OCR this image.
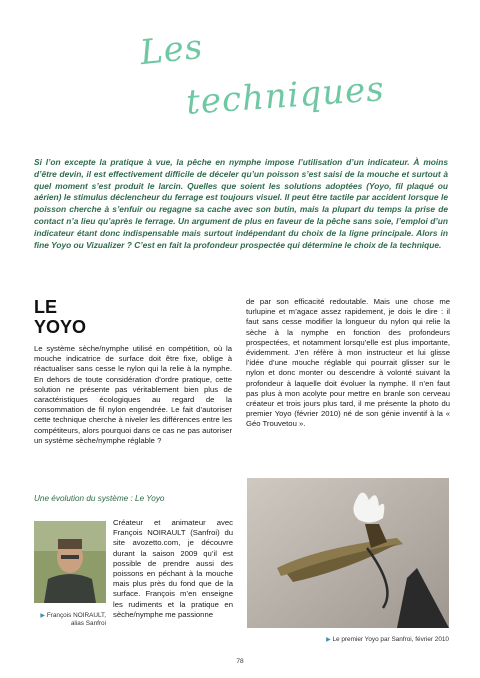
Les
techniques

Si l’on excepte la pratique à vue, la pêche en nymphe impose l’utilisation d’un indicateur. À moins d’être devin, il est effectivement difficile de déceler qu’un poisson s’est saisi de la mouche et surtout à quel moment s’est produit le larcin. Quelles que soient les solutions adoptées (Yoyo, fil plaqué ou aérien) le stimulus déclencheur du ferrage est toujours visuel. Il peut être tactile par accident lorsque le poisson cherche à s’enfuir ou regagne sa cache avec son butin, mais la plupart du temps la prise de contact n’a lieu qu’après le ferrage. Un argument de plus en faveur de la pêche sans soie, l’emploi d’un indicateur étant donc indispensable mais surtout indépendant du choix de la ligne principale. Alors in fine Yoyo ou Vizualizer ? C’est en fait la profondeur prospectée qui détermine le choix de la technique.

LE
YOYO

Le système sèche/nymphe utilisé en compétition, où la mouche indicatrice de surface doit être fixe, oblige à réactualiser sans cesse le nylon qui la relie à la nymphe. En dehors de toute considération d’ordre pratique, cette solution ne présente pas véritablement bien plus de caractéristiques écologiques au regard de la consommation de fil nylon engendrée. Le fait d’autoriser cette technique cherche à niveler les différences entre les compétiteurs, alors pourquoi dans ce cas ne pas autoriser un système sèche/nymphe réglable ?

Une évolution du système : Le Yoyo

▶ François NOIRAULT,
alias Sanfroi

Créateur et animateur avec François NOIRAULT (Sanfroi) du site avozetto.com, je découvre durant la saison 2009 qu’il est possible de prendre aussi des poissons en péchant à la mouche mais plus près du fond que de la surface. François m’en enseigne les rudiments et la pratique en sèche/nymphe me passionne

de par son efficacité redoutable. Mais une chose me turlupine et m’agace assez rapidement, je dois le dire : il faut sans cesse modifier la longueur du nylon qui relie la sèche à la nymphe en fonction des profondeurs prospectées, et notamment lorsqu’elle est plus importante, évidemment. J’en réfère à mon instructeur et lui glisse l’idée d’une mouche réglable qui pourrait glisser sur le nylon et donc monter ou descendre à volonté suivant la profondeur à laquelle doit évoluer la nymphe. Il n’en faut pas plus à mon acolyte pour mettre en branle son cerveau créateur et trois jours plus tard, il me présente la photo du premier Yoyo (février 2010) né de son génie inventif à la « Géo Trouvetou ».

▶ Le premier Yoyo par Sanfroi, février 2010

78
